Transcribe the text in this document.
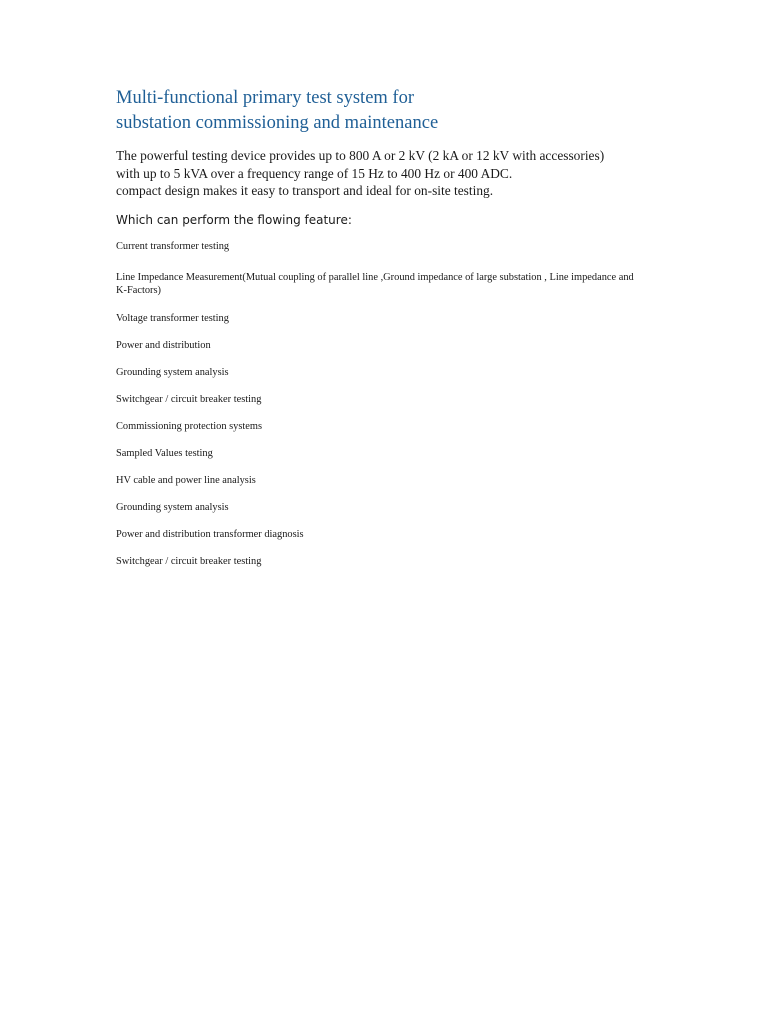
Multi-functional primary test system for
substation commissioning and maintenance
The powerful testing device provides up to 800 A or 2 kV (2 kA or 12 kV with accessories)
with up to 5 kVA over a frequency range of 15 Hz to 400 Hz or 400 ADC.
compact design makes it easy to transport and ideal for on-site testing.
Which can perform the flowing feature:
Current transformer testing
Line Impedance Measurement(Mutual coupling of parallel line ,Ground impedance of large substation , Line impedance and K-Factors)
Voltage transformer testing
Power and distribution
Grounding system analysis
Switchgear / circuit breaker testing
Commissioning protection systems
Sampled Values testing
HV cable and power line analysis
Grounding system analysis
Power and distribution transformer diagnosis
Switchgear / circuit breaker testing
